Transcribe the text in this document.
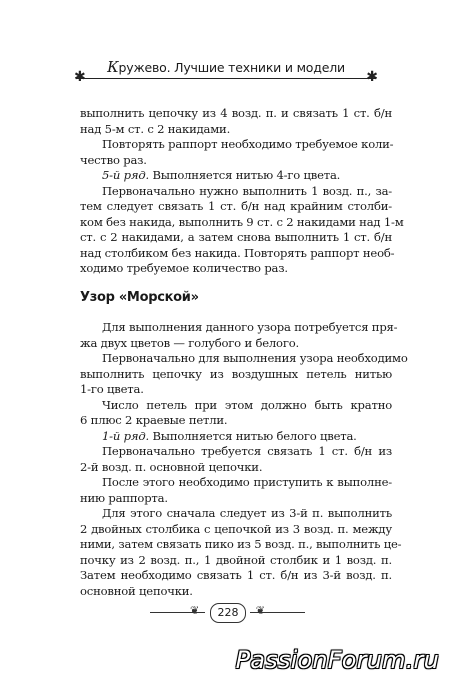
✱
Кружево. Лучшие техники и модели
✱
выполнить цепочку из 4 возд. п. и связать 1 ст. б/н
над 5-м ст. с 2 накидами.
Повторять раппорт необходимо требуемое коли-
чество раз.
5-й ряд. Выполняется нитью 4-го цвета.
Первоначально нужно выполнить 1 возд. п., за-
тем следует связать 1 ст. б/н над крайним столби-
ком без накида, выполнить 9 ст. с 2 накидами над 1-м
ст. с 2 накидами, а затем снова выполнить 1 ст. б/н
над столбиком без накида. Повторять раппорт необ-
ходимо требуемое количество раз.
Узор «Морской»
Для выполнения данного узора потребуется пря-
жа двух цветов — голубого и белого.
Первоначально для выполнения узора необходимо
выполнить цепочку из воздушных петель нитью
1-го цвета.
Число петель при этом должно быть кратно
6 плюс 2 краевые петли.
1-й ряд. Выполняется нитью белого цвета.
Первоначально требуется связать 1 ст. б/н из
2-й возд. п. основной цепочки.
После этого необходимо приступить к выполне-
нию раппорта.
Для этого сначала следует из 3-й п. выполнить
2 двойных столбика с цепочкой из 3 возд. п. между
ними, затем связать пико из 5 возд. п., выполнить це-
почку из 2 возд. п., 1 двойной столбик и 1 возд. п.
Затем необходимо связать 1 ст. б/н из 3-й возд. п.
основной цепочки.
❦	228	❦
PassionForum.ru
